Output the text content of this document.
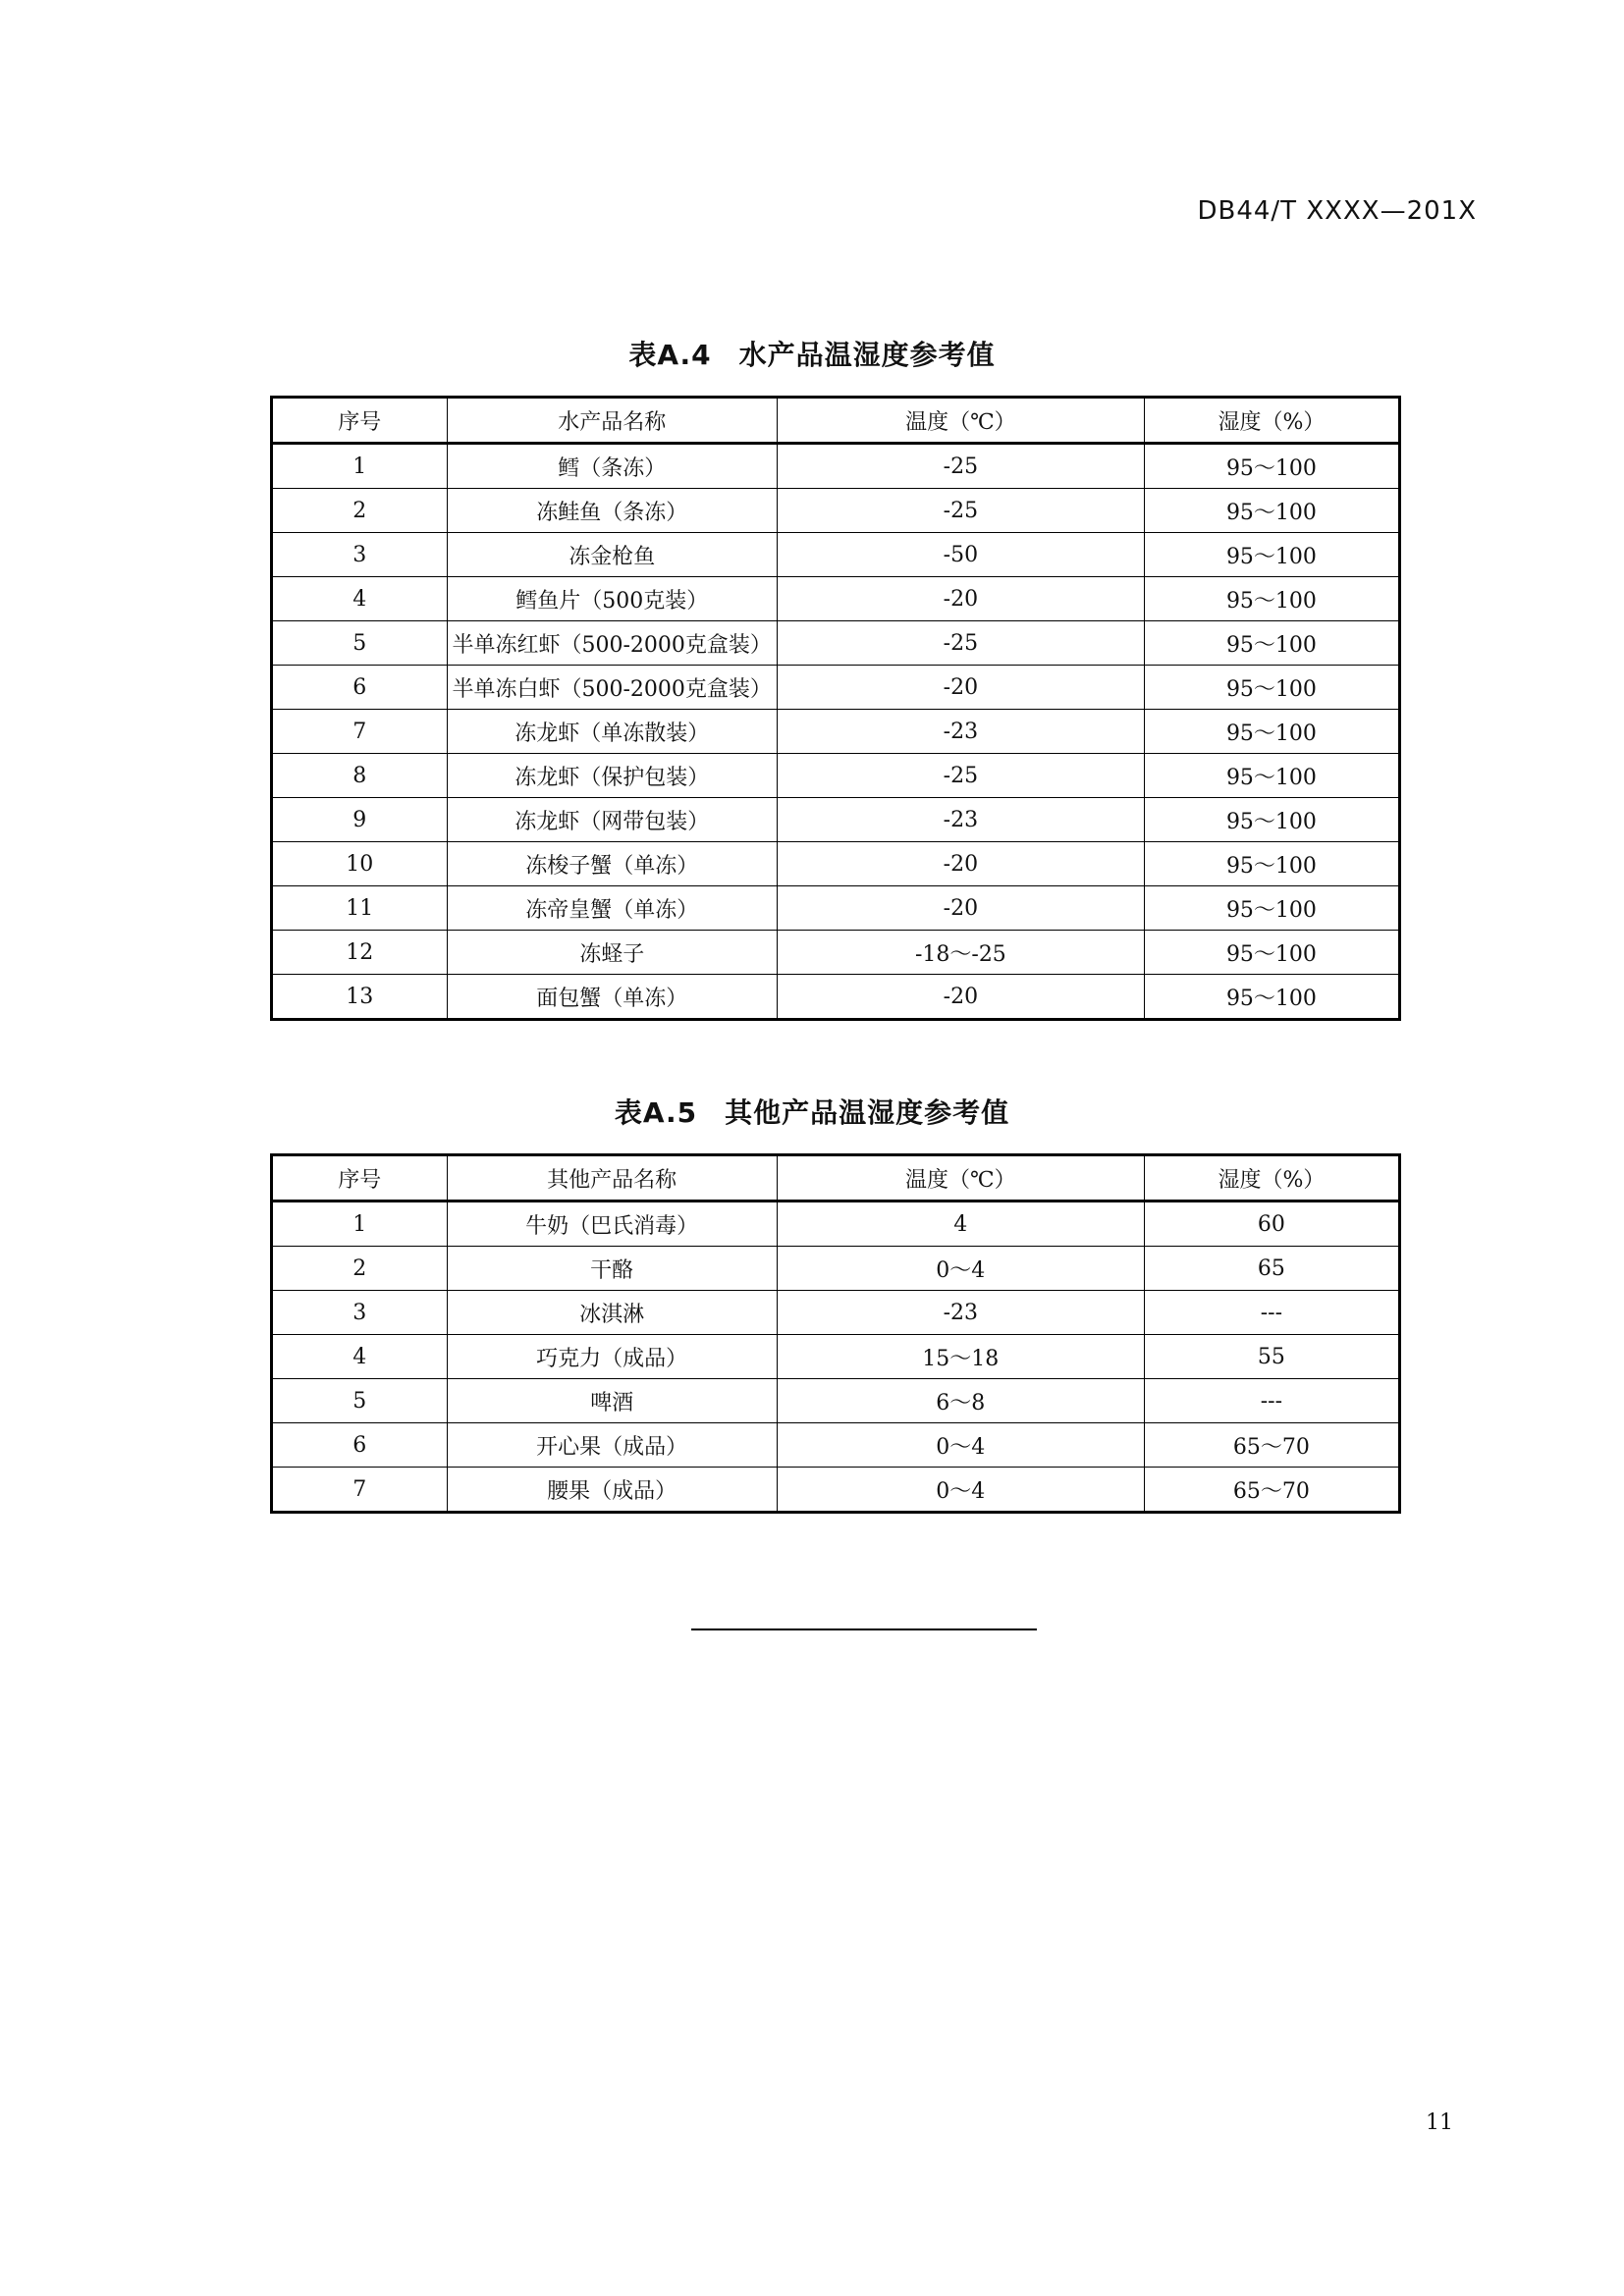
DB44/T XXXX—201X
表A.4 水产品温湿度参考值
序号	水产品名称	温度（℃）	湿度（%）
1	鳕（条冻）	-25	95～100
2	冻鲑鱼（条冻）	-25	95～100
3	冻金枪鱼	-50	95～100
4	鳕鱼片（500克装）	-20	95～100
5	半单冻红虾（500-2000克盒装）	-25	95～100
6	半单冻白虾（500-2000克盒装）	-20	95～100
7	冻龙虾（单冻散装）	-23	95～100
8	冻龙虾（保护包装）	-25	95～100
9	冻龙虾（网带包装）	-23	95～100
10	冻梭子蟹（单冻）	-20	95～100
11	冻帝皇蟹（单冻）	-20	95～100
12	冻蛏子	-18～-25	95～100
13	面包蟹（单冻）	-20	95～100
表A.5 其他产品温湿度参考值
序号	其他产品名称	温度（℃）	湿度（%）
1	牛奶（巴氏消毒）	4	60
2	干酪	0～4	65
3	冰淇淋	-23	---
4	巧克力（成品）	15～18	55
5	啤酒	6～8	---
6	开心果（成品）	0～4	65～70
7	腰果（成品）	0～4	65～70
11
